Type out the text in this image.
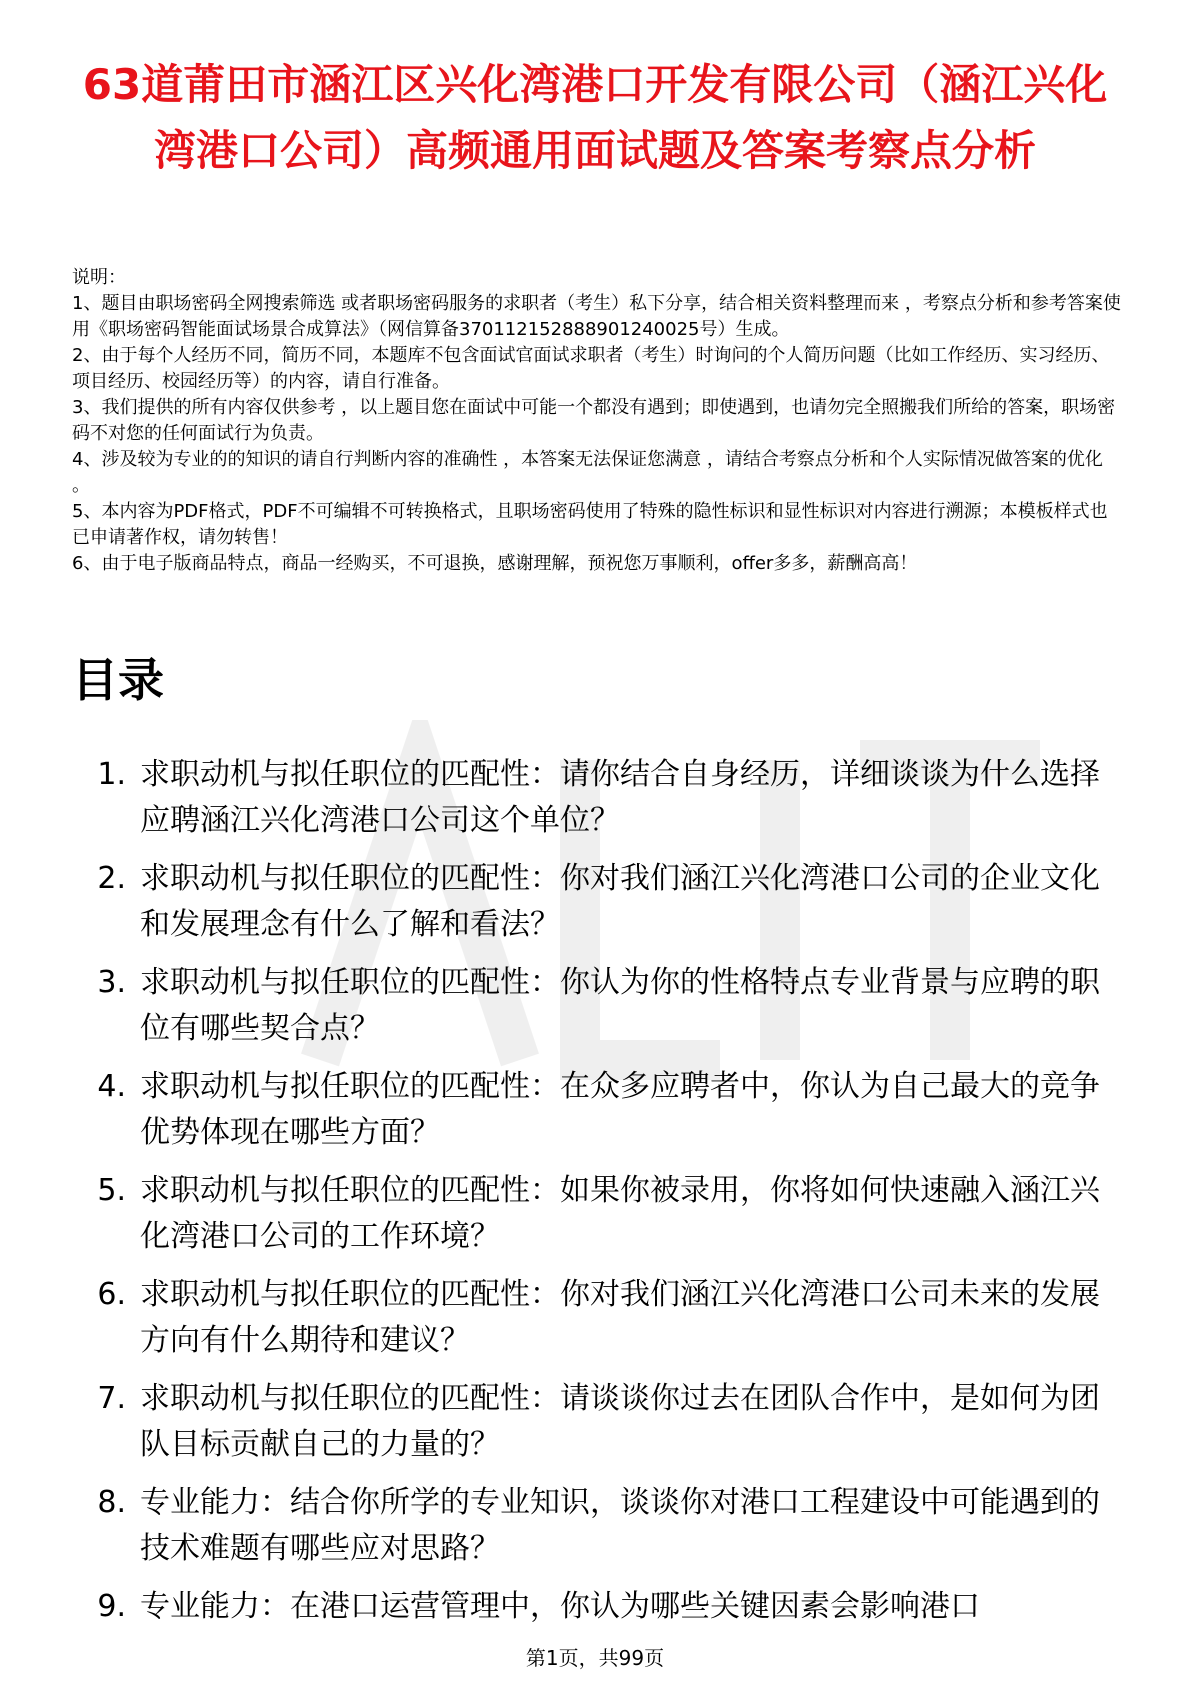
63道莆田市涵江区兴化湾港口开发有限公司（涵江兴化湾港口公司）高频通用面试题及答案考察点分析

说明：

1、题目由职场密码全网搜索筛选 或者职场密码服务的求职者（考生）私下分享，结合相关资料整理而来 ，考察点分析和参考答案使用《职场密码智能面试场景合成算法》（网信算备370112152888901240025号）生成。

2、由于每个人经历不同，简历不同，本题库不包含面试官面试求职者（考生）时询问的个人简历问题（比如工作经历、实习经历、项目经历、校园经历等）的内容，请自行准备。

3、我们提供的所有内容仅供参考 ，以上题目您在面试中可能一个都没有遇到；即使遇到，也请勿完全照搬我们所给的答案，职场密码不对您的任何面试行为负责。

4、涉及较为专业的的知识的请自行判断内容的准确性 ，本答案无法保证您满意 ，请结合考察点分析和个人实际情况做答案的优化 。

5、本内容为PDF格式，PDF不可编辑不可转换格式，且职场密码使用了特殊的隐性标识和显性标识对内容进行溯源；本模板样式也已申请著作权，请勿转售！

6、由于电子版商品特点，商品一经购买，不可退换，感谢理解，预祝您万事顺利，offer多多，薪酬高高！

目录
1. 求职动机与拟任职位的匹配性：请你结合自身经历，详细谈谈为什么选择应聘涵江兴化湾港口公司这个单位？
2. 求职动机与拟任职位的匹配性：你对我们涵江兴化湾港口公司的企业文化和发展理念有什么了解和看法？
3. 求职动机与拟任职位的匹配性：你认为你的性格特点专业背景与应聘的职位有哪些契合点？
4. 求职动机与拟任职位的匹配性：在众多应聘者中，你认为自己最大的竞争优势体现在哪些方面？
5. 求职动机与拟任职位的匹配性：如果你被录用，你将如何快速融入涵江兴化湾港口公司的工作环境？
6. 求职动机与拟任职位的匹配性：你对我们涵江兴化湾港口公司未来的发展方向有什么期待和建议？
7. 求职动机与拟任职位的匹配性：请谈谈你过去在团队合作中，是如何为团队目标贡献自己的力量的？
8. 专业能力：结合你所学的专业知识，谈谈你对港口工程建设中可能遇到的技术难题有哪些应对思路？
9. 专业能力：在港口运营管理中，你认为哪些关键因素会影响港口
第1页，共99页
